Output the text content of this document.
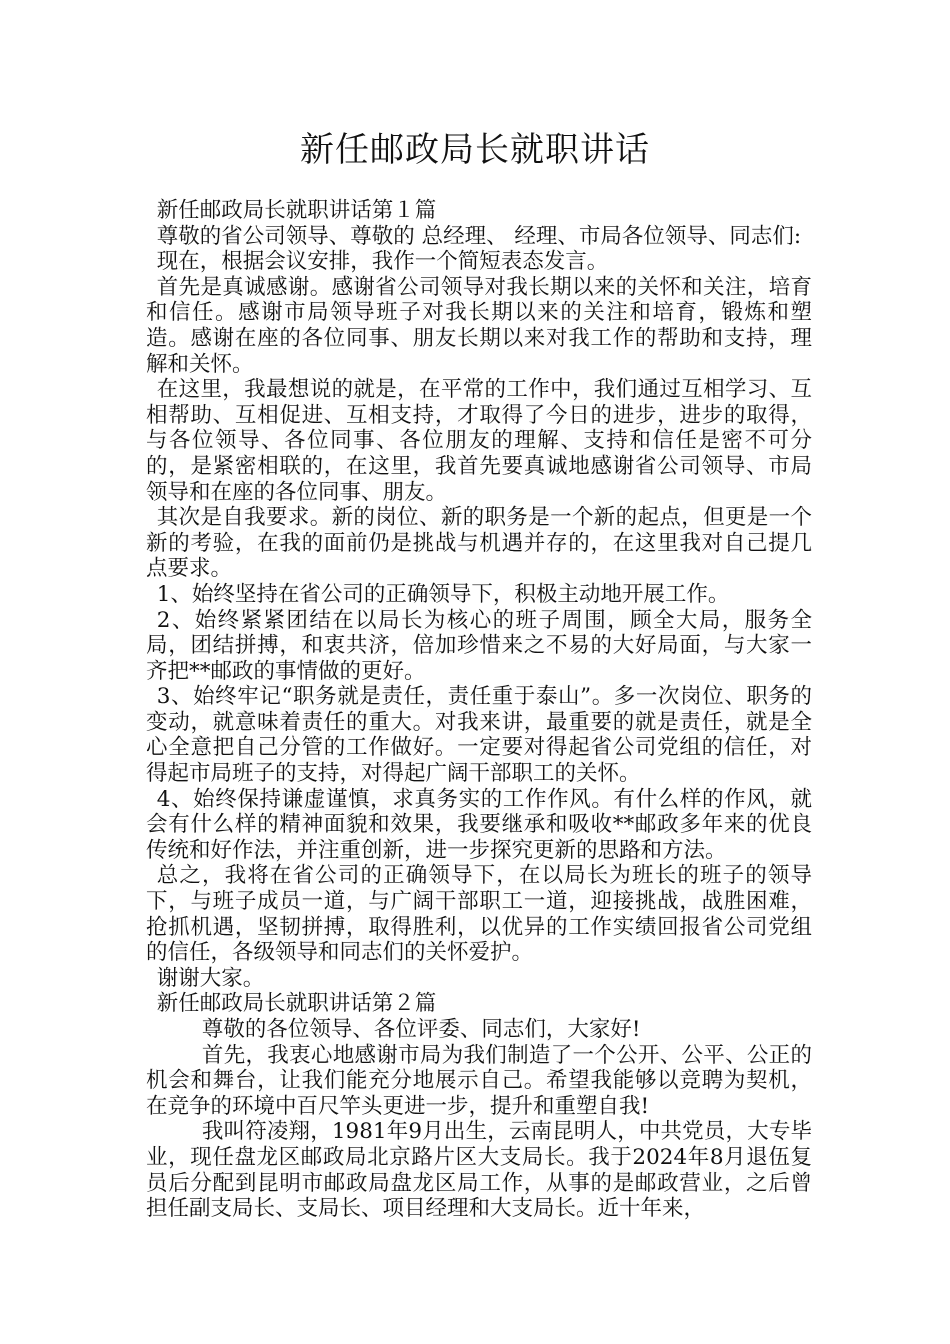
新任邮政局长就职讲话

新任邮政局长就职讲话第１篇

尊敬的省公司领导、尊敬的 总经理、 经理、市局各位领导、同志们:

现在，根据会议安排，我作一个简短表态发言。

首先是真诚感谢。感谢省公司领导对我长期以来的关怀和关注，培育和信任。感谢市局领导班子对我长期以来的关注和培育，锻炼和塑造。感谢在座的各位同事、朋友长期以来对我工作的帮助和支持，理解和关怀。

在这里，我最想说的就是，在平常的工作中，我们通过互相学习、互相帮助、互相促进、互相支持，才取得了今日的进步，进步的取得，与各位领导、各位同事、各位朋友的理解、支持和信任是密不可分的，是紧密相联的，在这里，我首先要真诚地感谢省公司领导、市局领导和在座的各位同事、朋友。

其次是自我要求。新的岗位、新的职务是一个新的起点，但更是一个新的考验，在我的面前仍是挑战与机遇并存的，在这里我对自己提几点要求。

1、始终坚持在省公司的正确领导下，积极主动地开展工作。

2、始终紧紧团结在以局长为核心的班子周围，顾全大局，服务全局，团结拼搏，和衷共济，倍加珍惜来之不易的大好局面，与大家一齐把**邮政的事情做的更好。

3、始终牢记“职务就是责任，责任重于泰山”。多一次岗位、职务的变动，就意味着责任的重大。对我来讲，最重要的就是责任，就是全心全意把自己分管的工作做好。一定要对得起省公司党组的信任，对得起市局班子的支持，对得起广阔干部职工的关怀。

4、始终保持谦虚谨慎，求真务实的工作作风。有什么样的作风，就会有什么样的精神面貌和效果，我要继承和吸收**邮政多年来的优良传统和好作法，并注重创新，进一步探究更新的思路和方法。

总之，我将在省公司的正确领导下，在以局长为班长的班子的领导下，与班子成员一道，与广阔干部职工一道，迎接挑战，战胜困难，抢抓机遇，坚韧拼搏，取得胜利，以优异的工作实绩回报省公司党组的信任，各级领导和同志们的关怀爱护。

谢谢大家。

新任邮政局长就职讲话第２篇

尊敬的各位领导、各位评委、同志们，大家好!

首先，我衷心地感谢市局为我们制造了一个公开、公平、公正的机会和舞台，让我们能充分地展示自己。希望我能够以竞聘为契机，在竞争的环境中百尺竿头更进一步，提升和重塑自我!

我叫符凌翔，1981年9月出生，云南昆明人，中共党员，大专毕业，现任盘龙区邮政局北京路片区大支局长。我于2024年8月退伍复员后分配到昆明市邮政局盘龙区局工作，从事的是邮政营业，之后曾担任副支局长、支局长、项目经理和大支局长。近十年来，
